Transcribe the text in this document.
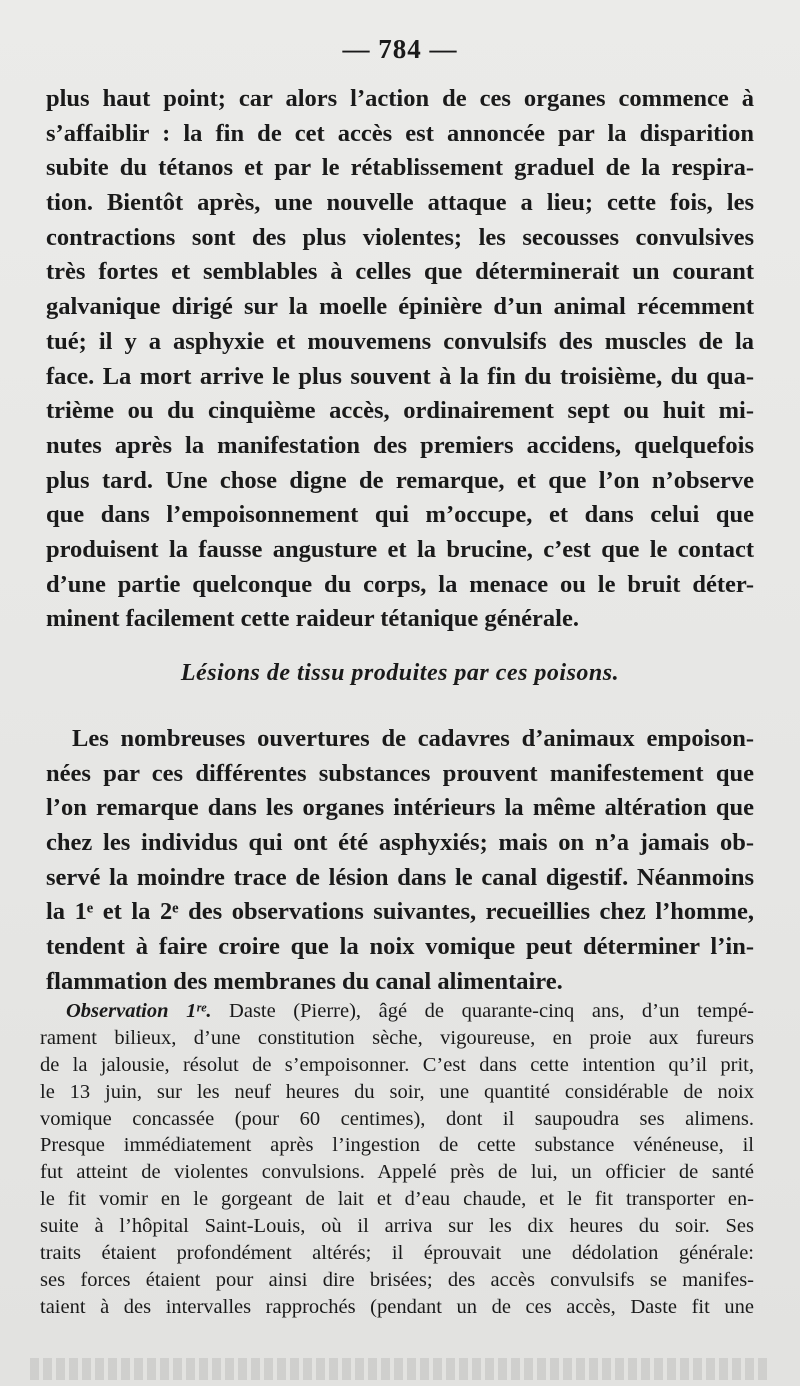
— 784 —
plus haut point; car alors l’action de ces organes commence à
s’affaiblir : la fin de cet accès est annoncée par la disparition
subite du tétanos et par le rétablissement graduel de la respira-
tion. Bientôt après, une nouvelle attaque a lieu; cette fois, les
contractions sont des plus violentes; les secousses convulsives
très fortes et semblables à celles que déterminerait un courant
galvanique dirigé sur la moelle épinière d’un animal récemment
tué; il y a asphyxie et mouvemens convulsifs des muscles de la
face. La mort arrive le plus souvent à la fin du troisième, du qua-
trième ou du cinquième accès, ordinairement sept ou huit mi-
nutes après la manifestation des premiers accidens, quelquefois
plus tard. Une chose digne de remarque, et que l’on n’observe
que dans l’empoisonnement qui m’occupe, et dans celui que
produisent la fausse angusture et la brucine, c’est que le contact
d’une partie quelconque du corps, la menace ou le bruit déter-
minent facilement cette raideur tétanique générale.
Lésions de tissu produites par ces poisons.
Les nombreuses ouvertures de cadavres d’animaux empoison-
nées par ces différentes substances prouvent manifestement que
l’on remarque dans les organes intérieurs la même altération que
chez les individus qui ont été asphyxiés; mais on n’a jamais ob-
servé la moindre trace de lésion dans le canal digestif. Néanmoins
la 1ᵉ et la 2ᵉ des observations suivantes, recueillies chez l’homme,
tendent à faire croire que la noix vomique peut déterminer l’in-
flammation des membranes du canal alimentaire.
Observation 1ʳᵉ. Daste (Pierre), âgé de quarante-cinq ans, d’un tempé-
rament bilieux, d’une constitution sèche, vigoureuse, en proie aux fureurs
de la jalousie, résolut de s’empoisonner. C’est dans cette intention qu’il prit,
le 13 juin, sur les neuf heures du soir, une quantité considérable de noix
vomique concassée (pour 60 centimes), dont il saupoudra ses alimens.
Presque immédiatement après l’ingestion de cette substance vénéneuse, il
fut atteint de violentes convulsions. Appelé près de lui, un officier de santé
le fit vomir en le gorgeant de lait et d’eau chaude, et le fit transporter en-
suite à l’hôpital Saint-Louis, où il arriva sur les dix heures du soir. Ses
traits étaient profondément altérés; il éprouvait une dédolation générale:
ses forces étaient pour ainsi dire brisées; des accès convulsifs se manifes-
taient à des intervalles rapprochés (pendant un de ces accès, Daste fit une
